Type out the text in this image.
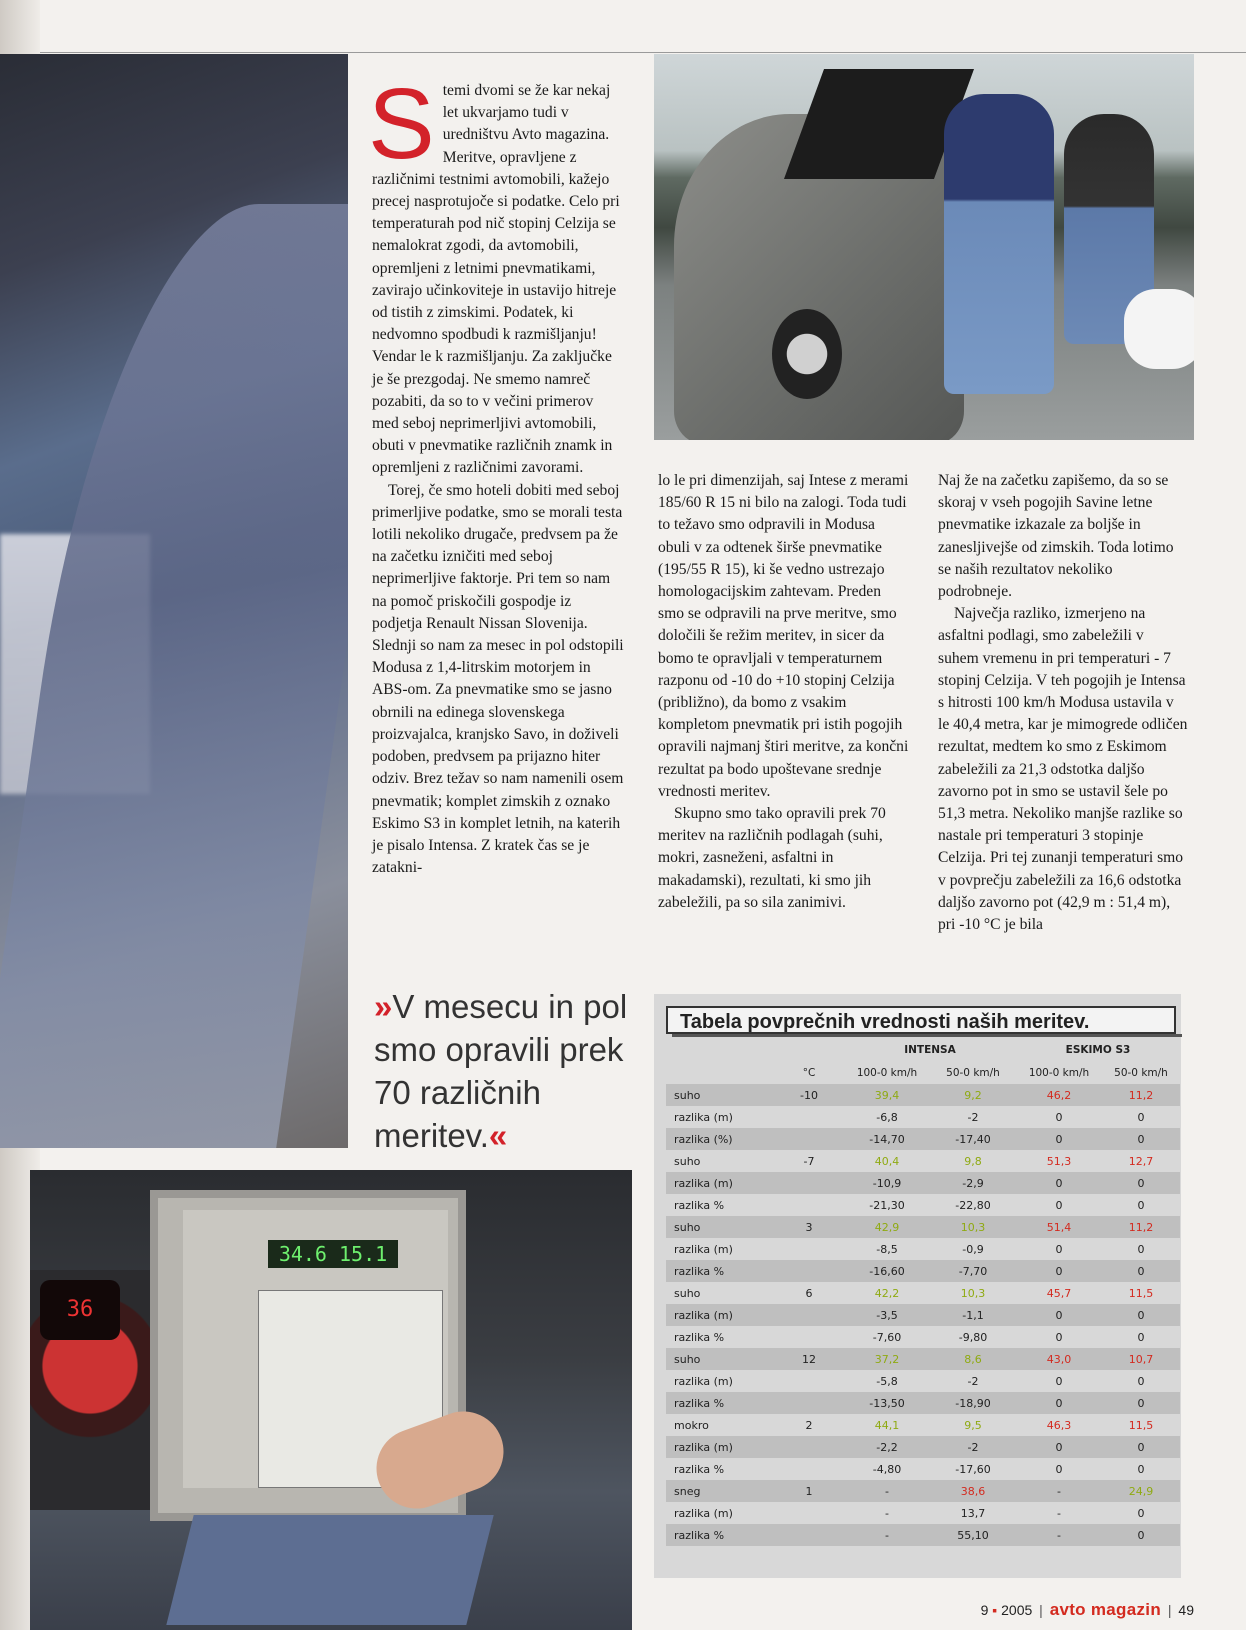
36
34.6 15.1

Stemi dvomi se že kar nekaj let ukvarjamo tudi v uredništvu Avto magazina. Meritve, opravljene z različnimi testnimi avtomobili, kažejo precej nasprotujoče si podatke. Celo pri temperaturah pod nič stopinj Celzija se nemalokrat zgodi, da avtomobili, opremljeni z letnimi pnevmatikami, zavirajo učinkoviteje in ustavijo hitreje od tistih z zimskimi. Podatek, ki nedvomno spodbudi k razmišljanju! Vendar le k razmišljanju. Za zaključke je še prezgodaj. Ne smemo namreč pozabiti, da so to v večini primerov med seboj neprimerljivi avtomobili, obuti v pnevmatike različnih znamk in opremljeni z različnimi zavorami.

Torej, če smo hoteli dobiti med seboj primerljive podatke, smo se morali testa lotili nekoliko drugače, predvsem pa že na začetku izničiti med seboj neprimerljive faktorje. Pri tem so nam na pomoč priskočili gospodje iz podjetja Renault Nissan Slovenija. Slednji so nam za mesec in pol odstopili Modusa z 1,4-litrskim motorjem in ABS-om. Za pnevmatike smo se jasno obrnili na edinega slovenskega proizvajalca, kranjsko Savo, in doživeli podoben, predvsem pa prijazno hiter odziv. Brez težav so nam namenili osem pnevmatik; komplet zimskih z oznako Eskimo S3 in komplet letnih, na katerih je pisalo Intensa. Z kratek čas se je zatakni-

lo le pri dimenzijah, saj Intese z merami 185/60 R 15 ni bilo na zalogi. Toda tudi to težavo smo odpravili in Modusa obuli v za odtenek širše pnevmatike (195/55 R 15), ki še vedno ustrezajo homologacijskim zahtevam. Preden smo se odpravili na prve meritve, smo določili še režim meritev, in sicer da bomo te opravljali v temperaturnem razponu od -10 do +10 stopinj Celzija (približno), da bomo z vsakim kompletom pnevmatik pri istih pogojih opravili najmanj štiri meritve, za končni rezultat pa bodo upoštevane srednje vrednosti meritev.

Skupno smo tako opravili prek 70 meritev na različnih podlagah (suhi, mokri, zasneženi, asfaltni in makadamski), rezultati, ki smo jih zabeležili, pa so sila zanimivi.

Naj že na začetku zapišemo, da so se skoraj v vseh pogojih Savine letne pnevmatike izkazale za boljše in zanesljivejše od zimskih. Toda lotimo se naših rezultatov nekoliko podrobneje.

Največja razliko, izmerjeno na asfaltni podlagi, smo zabeležili v suhem vremenu in pri temperaturi - 7 stopinj Celzija. V teh pogojih je Intensa s hitrosti 100 km/h Modusa ustavila v le 40,4 metra, kar je mimogrede odličen rezultat, medtem ko smo z Eskimom zabeležili za 21,3 odstotka daljšo zavorno pot in smo se ustavil šele po 51,3 metra. Nekoliko manjše razlike so nastale pri temperaturi 3 stopinje Celzija. Pri tej zunanji temperaturi smo v povprečju zabeležili za 16,6 odstotka daljšo zavorno pot (42,9 m : 51,4 m), pri -10 °C je bila

»V mesecu in pol smo opravili prek 70 različnih meritev.«
Tabela povprečnih vrednosti naših meritev.
		INTENSA		ESKIMO S3	
	°C	100-0 km/h	50-0 km/h	100-0 km/h	50-0 km/h
suho	-10	39,4	9,2	46,2	11,2
razlika (m)		-6,8	-2	0	0
razlika (%)		-14,70	-17,40	0	0
suho	-7	40,4	9,8	51,3	12,7
razlika (m)		-10,9	-2,9	0	0
razlika %		-21,30	-22,80	0	0
suho	3	42,9	10,3	51,4	11,2
razlika (m)		-8,5	-0,9	0	0
razlika %		-16,60	-7,70	0	0
suho	6	42,2	10,3	45,7	11,5
razlika (m)		-3,5	-1,1	0	0
razlika %		-7,60	-9,80	0	0
suho	12	37,2	8,6	43,0	10,7
razlika (m)		-5,8	-2	0	0
razlika %		-13,50	-18,90	0	0
mokro	2	44,1	9,5	46,3	11,5
razlika (m)		-2,2	-2	0	0
razlika %		-4,80	-17,60	0	0
sneg	1	-	38,6	-	24,9
razlika (m)		-	13,7	-	0
razlika %		-	55,10	-	0
9 ▪ 2005 | avto magazin | 49
